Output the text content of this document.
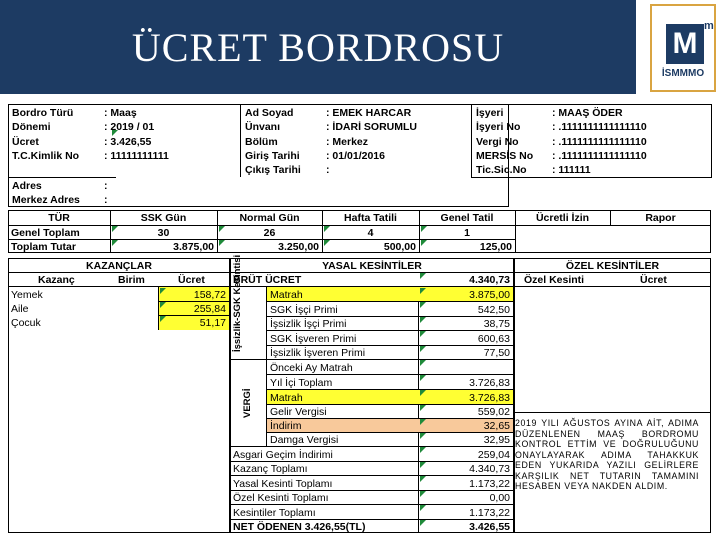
ÜCRET BORDROSU	M
m
İSMMMO
Bordro Türü	: Maaş
Dönemi	: 2019 / 01
Ücret	: 3.426,55
T.C.Kimlik No : 11111111111
Adres	:
Merkez Adres :
Ad Soyad	: EMEK HARCAR
Ünvanı	: İDARİ SORUMLU
Bölüm	: Merkez
Giriş Tarihi	: 01/01/2016
Çıkış Tarihi :
İşyeri	: MAAŞ ÖDER
İşyeri No	: .1111111111111110
Vergi No	: .1111111111111110
MERSİS No : .1111111111111110
Tic.Sic.No : 111111
TÜR	SSK Gün	Normal Gün	Hafta Tatili	Genel Tatil	Ücretli İzin	Rapor
Genel Toplam	30	26	4	1
Toplam Tutar	3.875,00	3.250,00	500,00	125,00
KAZANÇLAR
Kazanç	Birim	Ücret
Yemek	158,72
Aile	255,84
Çocuk	51,17
YASAL KESİNTİLER
BRÜT ÜCRET	4.340,73
İşsizlik-SGK Kesintisi
VERGİ
Matrah	3.875,00
SGK İşçi Primi	542,50
İşsizlik İşçi Primi	38,75
SGK İşveren Primi	600,63
İşsizlik İşveren Primi	77,50
Önceki Ay Matrah
Yıl İçi Toplam	3.726,83
Matrah	3.726,83
Gelir Vergisi	559,02
İndirim	32,65
Damga Vergisi	32,95
Asgari Geçim İndirimi	259,04
Kazanç Toplamı	4.340,73
Yasal Kesinti Toplamı	1.173,22
Özel Kesinti Toplamı	0,00
Kesintiler Toplamı	1.173,22
NET ÖDENEN 3.426,55(TL)	3.426,55
ÖZEL KESİNTİLER
Özel Kesinti	Ücret
2019 YILI AĞUSTOS AYINA AİT, ADIMA DÜZENLENEN MAAŞ BORDROMU KONTROL ETTİM VE DOĞRULUĞUNU ONAYLAYARAK ADIMA TAHAKKUK EDEN YUKARIDA YAZILI GELİRLERE KARŞILIK NET TUTARIN TAMAMINI HESABEN VEYA NAKDEN ALDIM.
